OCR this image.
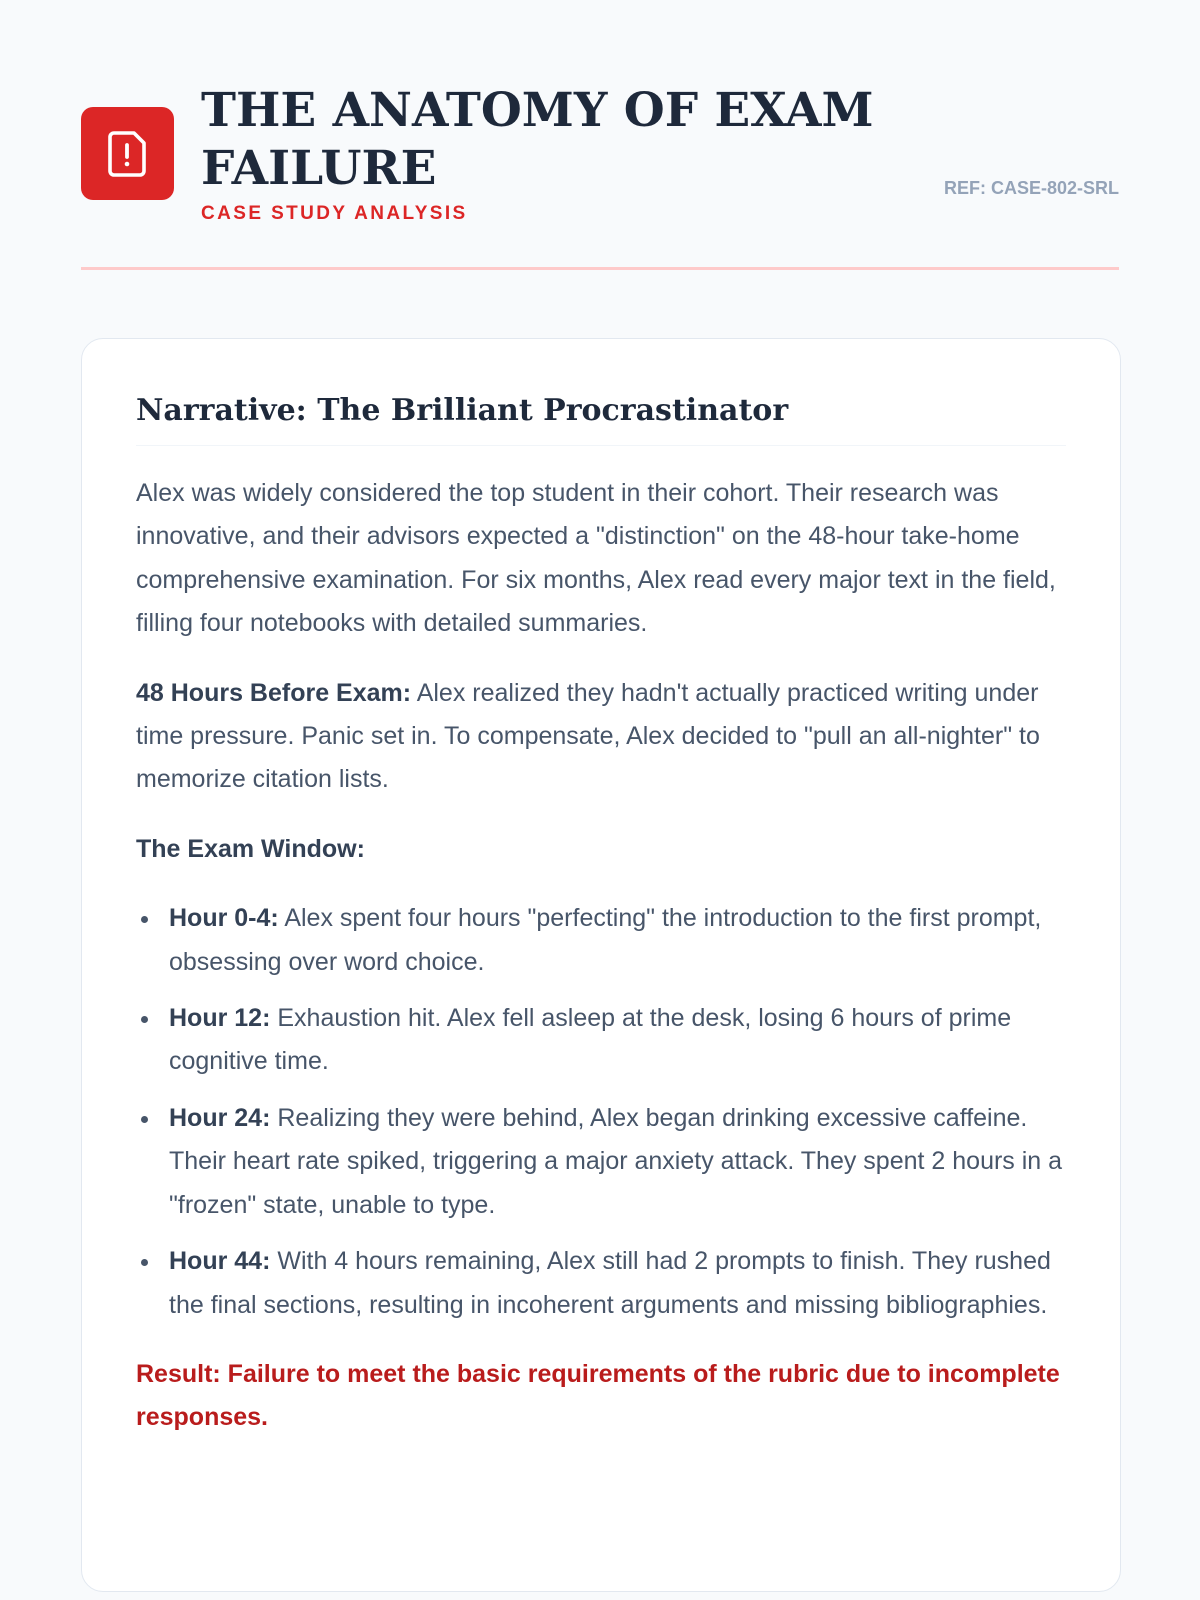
THE ANATOMY OF EXAM FAILURE
CASE STUDY ANALYSIS
REF: CASE-802-SRL
Narrative: The Brilliant Procrastinator

Alex was widely considered the top student in their cohort. Their research was innovative, and their advisors expected a "distinction" on the 48-hour take-home comprehensive examination. For six months, Alex read every major text in the field, filling four notebooks with detailed summaries.

48 Hours Before Exam: Alex realized they hadn't actually practiced writing under time pressure. Panic set in. To compensate, Alex decided to "pull an all-nighter" to memorize citation lists.

The Exam Window:

Hour 0-4: Alex spent four hours "perfecting" the introduction to the first prompt, obsessing over word choice.
Hour 12: Exhaustion hit. Alex fell asleep at the desk, losing 6 hours of prime cognitive time.
Hour 24: Realizing they were behind, Alex began drinking excessive caffeine. Their heart rate spiked, triggering a major anxiety attack. They spent 2 hours in a "frozen" state, unable to type.
Hour 44: With 4 hours remaining, Alex still had 2 prompts to finish. They rushed the final sections, resulting in incoherent arguments and missing bibliographies.

Result: Failure to meet the basic requirements of the rubric due to incomplete responses.
